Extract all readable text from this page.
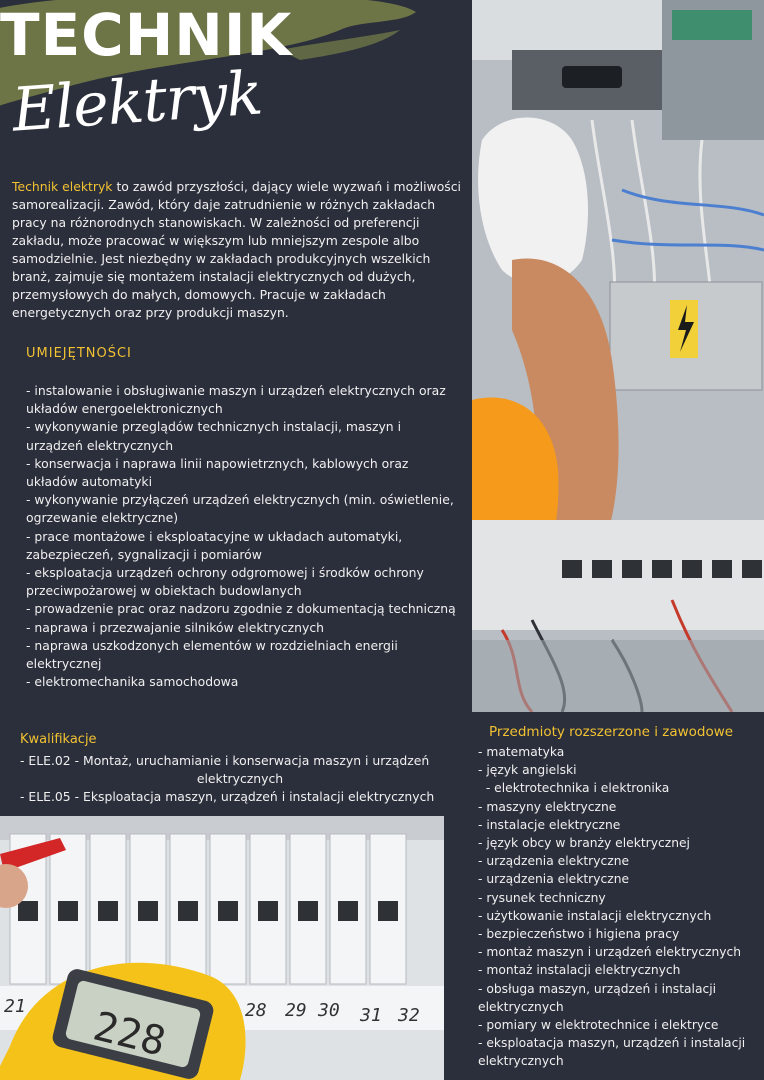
TECHNIK
Elektryk
Technik elektryk to zawód przyszłości, dający wiele wyzwań i możliwości samorealizacji. Zawód, który daje zatrudnienie w różnych zakładach pracy na różnorodnych stanowiskach. W zależności od preferencji zakładu, może pracować w większym lub mniejszym zespole albo samodzielnie. Jest niezbędny w zakładach produkcyjnych wszelkich branż, zajmuje się montażem instalacji elektrycznych od dużych, przemysłowych do małych, domowych. Pracuje w zakładach energetycznych oraz przy produkcji maszyn.
UMIEJĘTNOŚCI
- instalowanie i obsługiwanie maszyn i urządzeń elektrycznych oraz układów energoelektronicznych
- wykonywanie przeglądów technicznych instalacji, maszyn i urządzeń elektrycznych
- konserwacja i naprawa linii napowietrznych, kablowych oraz układów automatyki
- wykonywanie przyłączeń urządzeń elektrycznych (min. oświetlenie, ogrzewanie elektryczne)
- prace montażowe i eksploatacyjne w układach automatyki, zabezpieczeń, sygnalizacji i pomiarów
- eksploatacja urządzeń ochrony odgromowej i środków ochrony przeciwpożarowej w obiektach budowlanych
- prowadzenie prac oraz nadzoru zgodnie z dokumentacją techniczną
- naprawa i przezwajanie silników elektrycznych
- naprawa uszkodzonych elementów w rozdzielniach energii elektrycznej
- elektromechanika samochodowa
Kwalifikacje
- ELE.02 - Montaż, uruchamianie i konserwacja maszyn i urządzeń
elektrycznych
- ELE.05 - Eksploatacja maszyn, urządzeń i instalacji elektrycznych
Przedmioty rozszerzone i zawodowe
- matematyka
- język angielski
- elektrotechnika i elektronika
- maszyny elektryczne
- instalacje elektryczne
- język obcy w branży elektrycznej
- urządzenia elektryczne
- urządzenia elektryczne
- rysunek techniczny
- użytkowanie instalacji elektrycznych
- bezpieczeństwo i higiena pracy
- montaż maszyn i urządzeń elektrycznych
- montaż instalacji elektrycznych
- obsługa maszyn, urządzeń i instalacji elektrycznych
- pomiary w elektrotechnice i elektryce
- eksploatacja maszyn, urządzeń i instalacji elektrycznych
21	28 29 30 31 32
228
